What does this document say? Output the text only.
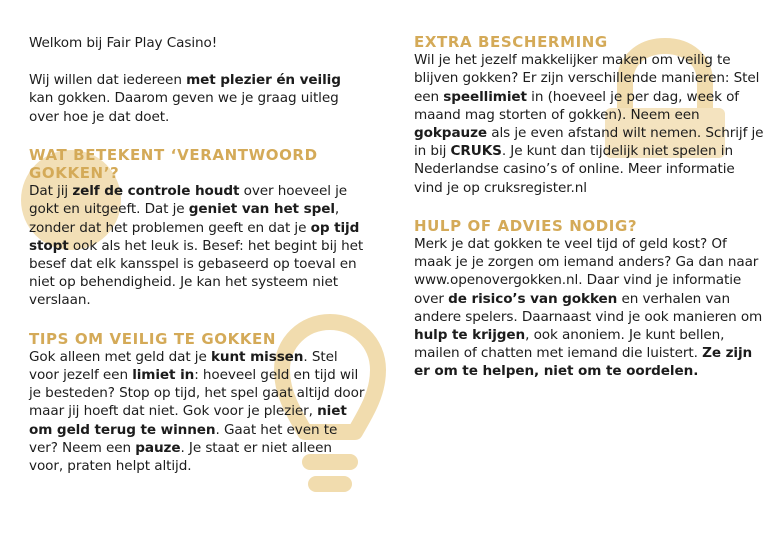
Welkom bij Fair Play Casino!

Wij willen dat iedereen met plezier én veilig kan gokken. Daarom geven we je graag uitleg over hoe je dat doet.

WAT BETEKENT ‘VERANTWOORD GOKKEN’?

Dat jij zelf de controle houdt over hoeveel je gokt en uitgeeft. Dat je geniet van het spel, zonder dat het problemen geeft en dat je op tijd stopt ook als het leuk is. Besef: het begint bij het besef dat elk kansspel is gebaseerd op toeval en niet op behendigheid. Je kan het systeem niet verslaan.

TIPS OM VEILIG TE GOKKEN

Gok alleen met geld dat je kunt missen. Stel voor jezelf een limiet in: hoeveel geld en tijd wil je besteden? Stop op tijd, het spel gaat altijd door maar jij hoeft dat niet. Gok voor je plezier, niet om geld terug te winnen. Gaat het even te ver? Neem een pauze. Je staat er niet alleen voor, praten helpt altijd.

EXTRA BESCHERMING

Wil je het jezelf makkelijker maken om veilig te blijven gokken? Er zijn verschillende manieren: Stel een speellimiet in (hoeveel je per dag, week of maand mag storten of gokken). Neem een gokpauze als je even afstand wilt nemen. Schrijf je in bij CRUKS. Je kunt dan tijdelijk niet spelen in Nederlandse casino’s of online. Meer informatie vind je op cruksregister.nl

HULP OF ADVIES NODIG?

Merk je dat gokken te veel tijd of geld kost? Of maak je je zorgen om iemand anders? Ga dan naar www.openovergokken.nl. Daar vind je informatie over de risico’s van gokken en verhalen van andere spelers. Daarnaast vind je ook manieren om hulp te krijgen, ook anoniem. Je kunt bellen, mailen of chatten met iemand die luistert. Ze zijn er om te helpen, niet om te oordelen.
